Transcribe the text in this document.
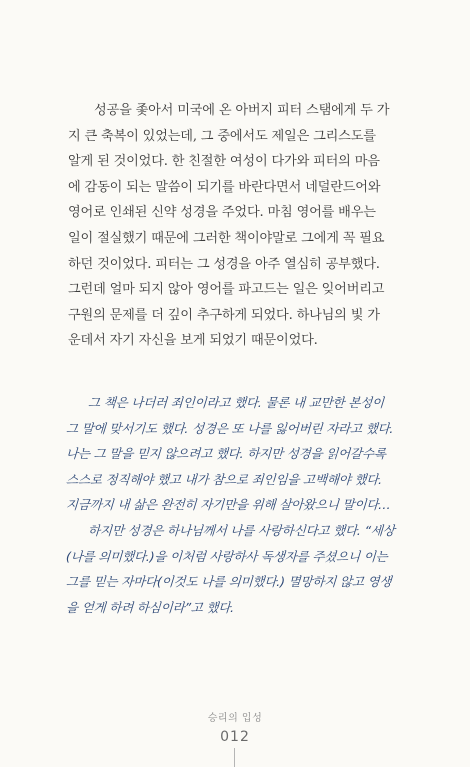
성공을 좇아서 미국에 온 아버지 피터 스탬에게 두 가
지 큰 축복이 있었는데, 그 중에서도 제일은 그리스도를
알게 된 것이었다. 한 친절한 여성이 다가와 피터의 마음
에 감동이 되는 말씀이 되기를 바란다면서 네덜란드어와
영어로 인쇄된 신약 성경을 주었다. 마침 영어를 배우는
일이 절실했기 때문에 그러한 책이야말로 그에게 꼭 필요
하던 것이었다. 피터는 그 성경을 아주 열심히 공부했다.
그런데 얼마 되지 않아 영어를 파고드는 일은 잊어버리고
구원의 문제를 더 깊이 추구하게 되었다. 하나님의 빛 가
운데서 자기 자신을 보게 되었기 때문이었다.
그 책은 나더러 죄인이라고 했다. 물론 내 교만한 본성이
그 말에 맞서기도 했다. 성경은 또 나를 잃어버린 자라고 했다.
나는 그 말을 믿지 않으려고 했다. 하지만 성경을 읽어갈수록
스스로 정직해야 했고 내가 참으로 죄인임을 고백해야 했다.
지금까지 내 삶은 완전히 자기만을 위해 살아왔으니 말이다…
하지만 성경은 하나님께서 나를 사랑하신다고 했다. “세상
(나를 의미했다.)을 이처럼 사랑하사 독생자를 주셨으니 이는
그를 믿는 자마다(이것도 나를 의미했다.) 멸망하지 않고 영생
을 얻게 하려 하심이라”고 했다.
승리의 입성
012
